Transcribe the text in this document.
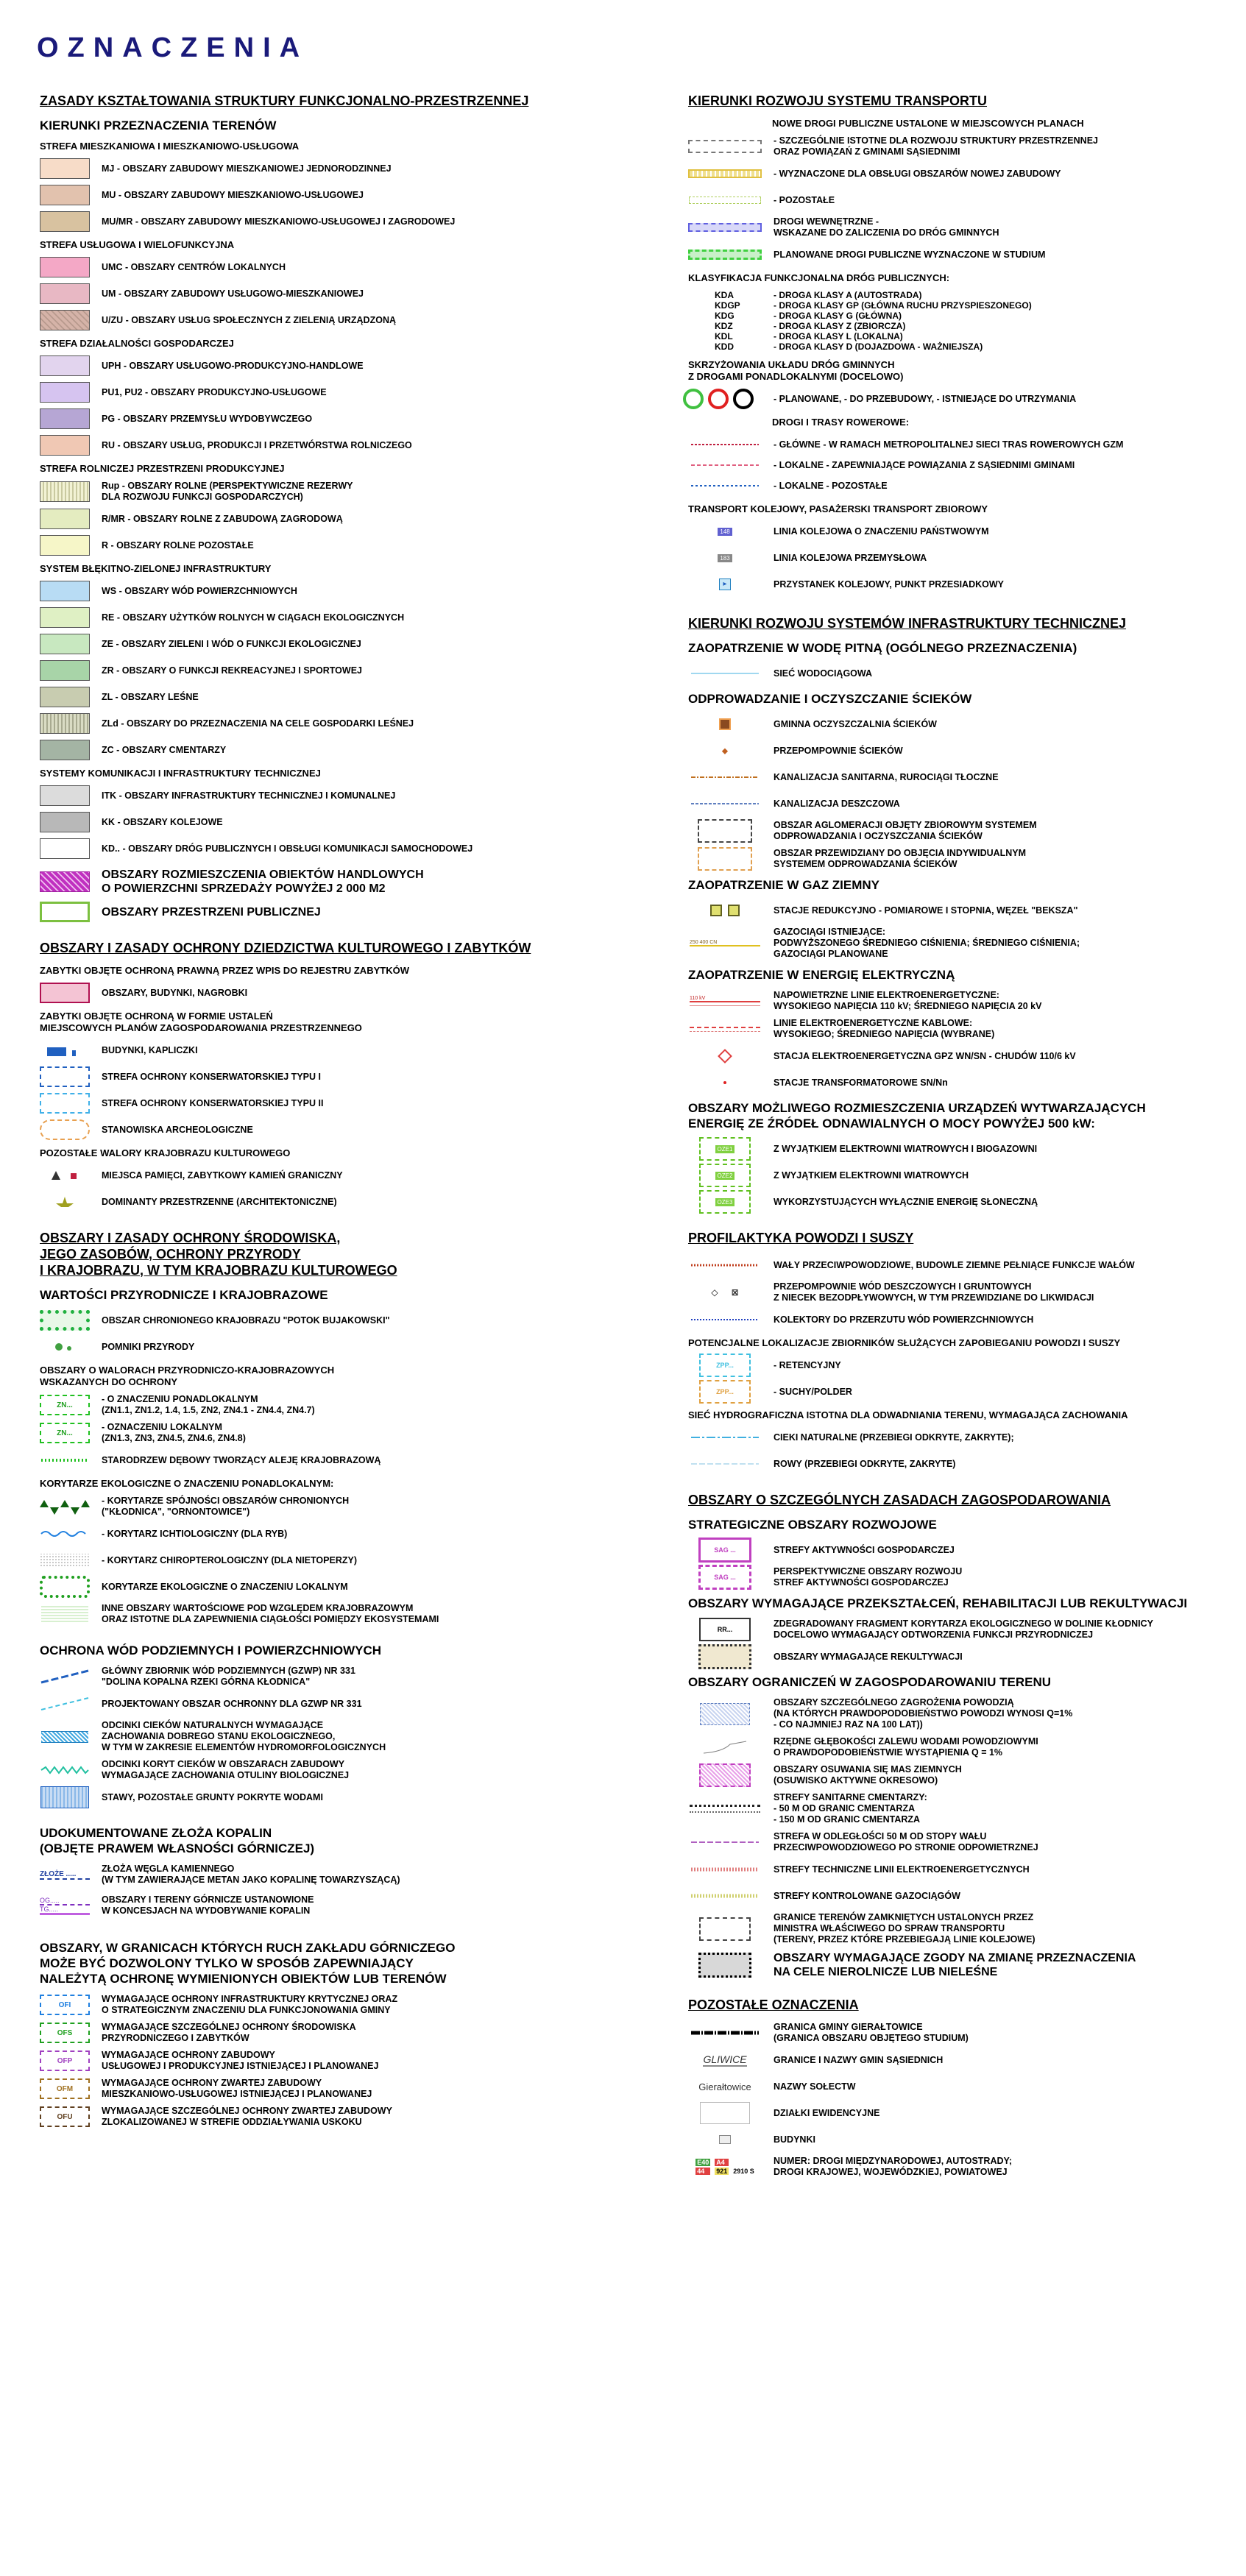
OZNACZENIA
ZASADY KSZTAŁTOWANIA STRUKTURY FUNKCJONALNO-PRZESTRZENNEJ
KIERUNKI PRZEZNACZENIA TERENÓW
STREFA MIESZKANIOWA I MIESZKANIOWO-USŁUGOWA
MJ - OBSZARY ZABUDOWY MIESZKANIOWEJ JEDNORODZINNEJ
MU - OBSZARY ZABUDOWY MIESZKANIOWO-USŁUGOWEJ
MU/MR - OBSZARY ZABUDOWY MIESZKANIOWO-USŁUGOWEJ I ZAGRODOWEJ
STREFA USŁUGOWA I WIELOFUNKCYJNA
UMC - OBSZARY CENTRÓW LOKALNYCH
UM - OBSZARY ZABUDOWY USŁUGOWO-MIESZKANIOWEJ
U/ZU - OBSZARY USŁUG SPOŁECZNYCH Z ZIELENIĄ URZĄDZONĄ
STREFA DZIAŁALNOŚCI GOSPODARCZEJ
UPH - OBSZARY USŁUGOWO-PRODUKCYJNO-HANDLOWE
PU1, PU2 - OBSZARY PRODUKCYJNO-USŁUGOWE
PG - OBSZARY PRZEMYSŁU WYDOBYWCZEGO
RU - OBSZARY USŁUG, PRODUKCJI I PRZETWÓRSTWA ROLNICZEGO
STREFA ROLNICZEJ PRZESTRZENI PRODUKCYJNEJ
Rup - OBSZARY ROLNE (PERSPEKTYWICZNE REZERWY
DLA ROZWOJU FUNKCJI GOSPODARCZYCH)
R/MR - OBSZARY ROLNE Z ZABUDOWĄ ZAGRODOWĄ
R - OBSZARY ROLNE POZOSTAŁE
SYSTEM BŁĘKITNO-ZIELONEJ INFRASTRUKTURY
WS - OBSZARY WÓD POWIERZCHNIOWYCH
RE - OBSZARY UŻYTKÓW ROLNYCH W CIĄGACH EKOLOGICZNYCH
ZE - OBSZARY ZIELENI I WÓD O FUNKCJI EKOLOGICZNEJ
ZR - OBSZARY O FUNKCJI REKREACYJNEJ I SPORTOWEJ
ZL - OBSZARY LEŚNE
ZLd - OBSZARY DO PRZEZNACZENIA NA CELE GOSPODARKI LEŚNEJ
ZC - OBSZARY CMENTARZY
SYSTEMY KOMUNIKACJI I INFRASTRUKTURY TECHNICZNEJ
ITK - OBSZARY INFRASTRUKTURY TECHNICZNEJ I KOMUNALNEJ
KK - OBSZARY KOLEJOWE
KD.. - OBSZARY DRÓG PUBLICZNYCH I OBSŁUGI KOMUNIKACJI SAMOCHODOWEJ
OBSZARY ROZMIESZCZENIA OBIEKTÓW HANDLOWYCH
O POWIERZCHNI SPRZEDAŻY POWYŻEJ 2 000 M2
OBSZARY PRZESTRZENI PUBLICZNEJ
OBSZARY I ZASADY OCHRONY DZIEDZICTWA KULTUROWEGO I ZABYTKÓW
ZABYTKI OBJĘTE OCHRONĄ PRAWNĄ PRZEZ WPIS DO REJESTRU ZABYTKÓW
OBSZARY, BUDYNKI, NAGROBKI
ZABYTKI OBJĘTE OCHRONĄ W FORMIE USTALEŃ
MIEJSCOWYCH PLANÓW ZAGOSPODAROWANIA PRZESTRZENNEGO
BUDYNKI, KAPLICZKI
STREFA OCHRONY KONSERWATORSKIEJ TYPU I
STREFA OCHRONY KONSERWATORSKIEJ TYPU II
STANOWISKA ARCHEOLOGICZNE
POZOSTAŁE WALORY KRAJOBRAZU KULTUROWEGO
MIEJSCA PAMIĘCI, ZABYTKOWY KAMIEŃ GRANICZNY
DOMINANTY PRZESTRZENNE (ARCHITEKTONICZNE)
OBSZARY I ZASADY OCHRONY ŚRODOWISKA,
JEGO ZASOBÓW, OCHRONY PRZYRODY
I KRAJOBRAZU, W TYM KRAJOBRAZU KULTUROWEGO
WARTOŚCI PRZYRODNICZE I KRAJOBRAZOWE
OBSZAR CHRONIONEGO KRAJOBRAZU "POTOK BUJAKOWSKI"
POMNIKI PRZYRODY
OBSZARY O WALORACH PRZYRODNICZO-KRAJOBRAZOWYCH
WSKAZANYCH DO OCHRONY
ZN...
- O ZNACZENIU PONADLOKALNYM
(ZN1.1, ZN1.2, 1.4, 1.5, ZN2, ZN4.1 - ZN4.4, ZN4.7)
ZN...
- OZNACZENIU LOKALNYM
(ZN1.3, ZN3, ZN4.5, ZN4.6, ZN4.8)
STARODRZEW DĘBOWY TWORZĄCY ALEJĘ KRAJOBRAZOWĄ
KORYTARZE EKOLOGICZNE O ZNACZENIU PONADLOKALNYM:
- KORYTARZE SPÓJNOŚCI OBSZARÓW CHRONIONYCH
("KŁODNICA", "ORNONTOWICE")
- KORYTARZ ICHTIOLOGICZNY (DLA RYB)
- KORYTARZ CHIROPTEROLOGICZNY (DLA NIETOPERZY)
KORYTARZE EKOLOGICZNE O ZNACZENIU LOKALNYM
INNE OBSZARY WARTOŚCIOWE POD WZGLĘDEM KRAJOBRAZOWYM
ORAZ ISTOTNE DLA ZAPEWNIENIA CIĄGŁOŚCI POMIĘDZY EKOSYSTEMAMI
OCHRONA WÓD PODZIEMNYCH I POWIERZCHNIOWYCH
GŁÓWNY ZBIORNIK WÓD PODZIEMNYCH (GZWP) NR 331
"DOLINA KOPALNA RZEKI GÓRNA KŁODNICA"
PROJEKTOWANY OBSZAR OCHRONNY DLA GZWP NR 331
ODCINKI CIEKÓW NATURALNYCH WYMAGAJĄCE
ZACHOWANIA DOBREGO STANU EKOLOGICZNEGO,
W TYM W ZAKRESIE ELEMENTÓW HYDROMORFOLOGICZNYCH
ODCINKI KORYT CIEKÓW W OBSZARACH ZABUDOWY
WYMAGAJĄCE ZACHOWANIA OTULINY BIOLOGICZNEJ
STAWY, POZOSTAŁE GRUNTY POKRYTE WODAMI
UDOKUMENTOWANE ZŁOŻA KOPALIN
(OBJĘTE PRAWEM WŁASNOŚCI GÓRNICZEJ)
ZŁOŻE .....	ZŁOŻA WĘGLA KAMIENNEGO
(W TYM ZAWIERAJĄCE METAN JAKO KOPALINĘ TOWARZYSZĄCĄ)
OG.....
TG.....
OBSZARY I TERENY GÓRNICZE USTANOWIONE
W KONCESJACH NA WYDOBYWANIE KOPALIN
OBSZARY, W GRANICACH KTÓRYCH RUCH ZAKŁADU GÓRNICZEGO
MOŻE BYĆ DOZWOLONY TYLKO W SPOSÓB ZAPEWNIAJĄCY
NALEŻYTĄ OCHRONĘ WYMIENIONYCH OBIEKTÓW LUB TERENÓW
OFI
WYMAGAJĄCE OCHRONY INFRASTRUKTURY KRYTYCZNEJ ORAZ
O STRATEGICZNYM ZNACZENIU DLA FUNKCJONOWANIA GMINY
OFS
WYMAGAJĄCE SZCZEGÓLNEJ OCHRONY ŚRODOWISKA
PRZYRODNICZEGO I ZABYTKÓW
OFP
WYMAGAJĄCE OCHRONY ZABUDOWY
USŁUGOWEJ I PRODUKCYJNEJ ISTNIEJĄCEJ I PLANOWANEJ
OFM
WYMAGAJĄCE OCHRONY ZWARTEJ ZABUDOWY
MIESZKANIOWO-USŁUGOWEJ ISTNIEJĄCEJ I PLANOWANEJ
OFU
WYMAGAJĄCE SZCZEGÓLNEJ OCHRONY ZWARTEJ ZABUDOWY
ZLOKALIZOWANEJ W STREFIE ODDZIAŁYWANIA USKOKU
KIERUNKI ROZWOJU SYSTEMU TRANSPORTU
NOWE DROGI PUBLICZNE USTALONE W MIEJSCOWYCH PLANACH
- SZCZEGÓLNIE ISTOTNE DLA ROZWOJU STRUKTURY PRZESTRZENNEJ
ORAZ POWIĄZAŃ Z GMINAMI SĄSIEDNIMI
- WYZNACZONE DLA OBSŁUGI OBSZARÓW NOWEJ ZABUDOWY
- POZOSTAŁE
DROGI WEWNĘTRZNE -
WSKAZANE DO ZALICZENIA DO DRÓG GMINNYCH
PLANOWANE DROGI PUBLICZNE WYZNACZONE W STUDIUM
KLASYFIKACJA FUNKCJONALNA DRÓG PUBLICZNYCH:
KDA	- DROGA KLASY A (AUTOSTRADA)
KDGP	- DROGA KLASY GP (GŁÓWNA RUCHU PRZYSPIESZONEGO)
KDG	- DROGA KLASY G (GŁÓWNA)
KDZ	- DROGA KLASY Z (ZBIORCZA)
KDL	- DROGA KLASY L (LOKALNA)
KDD	- DROGA KLASY D (DOJAZDOWA - WAŻNIEJSZA)
SKRZYŻOWANIA UKŁADU DRÓG GMINNYCH
Z DROGAMI PONADLOKALNYMI (DOCELOWO)
- PLANOWANE, - DO PRZEBUDOWY, - ISTNIEJĄCE DO UTRZYMANIA
DROGI I TRASY ROWEROWE:
- GŁÓWNE - W RAMACH METROPOLITALNEJ SIECI TRAS ROWEROWYCH GZM
- LOKALNE - ZAPEWNIAJĄCE POWIĄZANIA Z SĄSIEDNIMI GMINAMI
- LOKALNE - POZOSTAŁE
TRANSPORT KOLEJOWY, PASAŻERSKI TRANSPORT ZBIOROWY
148	LINIA KOLEJOWA O ZNACZENIU PAŃSTWOWYM
183	LINIA KOLEJOWA PRZEMYSŁOWA
▸	PRZYSTANEK KOLEJOWY, PUNKT PRZESIADKOWY
KIERUNKI ROZWOJU SYSTEMÓW INFRASTRUKTURY TECHNICZNEJ
ZAOPATRZENIE W WODĘ PITNĄ (OGÓLNEGO PRZEZNACZENIA)
SIEĆ WODOCIĄGOWA
ODPROWADZANIE I OCZYSZCZANIE ŚCIEKÓW
GMINNA OCZYSZCZALNIA ŚCIEKÓW
⬥	PRZEPOMPOWNIE ŚCIEKÓW
KANALIZACJA SANITARNA, RUROCIĄGI TŁOCZNE
KANALIZACJA DESZCZOWA
OBSZAR AGLOMERACJI OBJĘTY ZBIOROWYM SYSTEMEM
ODPROWADZANIA I OCZYSZCZANIA ŚCIEKÓW
OBSZAR PRZEWIDZIANY DO OBJĘCIA INDYWIDUALNYM
SYSTEMEM ODPROWADZANIA ŚCIEKÓW
ZAOPATRZENIE W GAZ ZIEMNY
STACJE REDUKCYJNO - POMIAROWE I STOPNIA, WĘZEŁ "BEKSZA"
250 400 CN
GAZOCIĄGI ISTNIEJĄCE:
PODWYŻSZONEGO ŚREDNIEGO CIŚNIENIA; ŚREDNIEGO CIŚNIENIA;
GAZOCIĄGI PLANOWANE
ZAOPATRZENIE W ENERGIĘ ELEKTRYCZNĄ
110 kV	NAPOWIETRZNE LINIE ELEKTROENERGETYCZNE:
WYSOKIEGO NAPIĘCIA 110 kV; ŚREDNIEGO NAPIĘCIA 20 kV
LINIE ELEKTROENERGETYCZNE KABLOWE:
WYSOKIEGO; ŚREDNIEGO NAPIĘCIA (WYBRANE)
STACJA ELEKTROENERGETYCZNA GPZ WN/SN - CHUDÓW 110/6 kV
STACJE TRANSFORMATOROWE SN/Nn
OBSZARY MOŻLIWEGO ROZMIESZCZENIA URZĄDZEŃ WYTWARZAJĄCYCH
ENERGIĘ ZE ŹRÓDEŁ ODNAWIALNYCH O MOCY POWYŻEJ 500 kW:
OZE1	Z WYJĄTKIEM ELEKTROWNI WIATROWYCH I BIOGAZOWNI
OZE2	Z WYJĄTKIEM ELEKTROWNI WIATROWYCH
OZE3	WYKORZYSTUJĄCYCH WYŁĄCZNIE ENERGIĘ SŁONECZNĄ
PROFILAKTYKA POWODZI I SUSZY
WAŁY PRZECIWPOWODZIOWE, BUDOWLE ZIEMNE PEŁNIĄCE FUNKCJE WAŁÓW
◇ ⊠
PRZEPOMPOWNIE WÓD DESZCZOWYCH I GRUNTOWYCH
Z NIECEK BEZODPŁYWOWYCH, W TYM PRZEWIDZIANE DO LIKWIDACJI
KOLEKTORY DO PRZERZUTU WÓD POWIERZCHNIOWYCH
POTENCJALNE LOKALIZACJE ZBIORNIKÓW SŁUŻĄCYCH ZAPOBIEGANIU POWODZI I SUSZY
ZPP...	- RETENCYJNY
ZPP...	- SUCHY/POLDER
SIEĆ HYDROGRAFICZNA ISTOTNA DLA ODWADNIANIA TERENU, WYMAGAJĄCA ZACHOWANIA
CIEKI NATURALNE (PRZEBIEGI ODKRYTE, ZAKRYTE);
ROWY (PRZEBIEGI ODKRYTE, ZAKRYTE)
OBSZARY O SZCZEGÓLNYCH ZASADACH ZAGOSPODAROWANIA
STRATEGICZNE OBSZARY ROZWOJOWE
SAG ...	STREFY AKTYWNOŚCI GOSPODARCZEJ
SAG ...
PERSPEKTYWICZNE OBSZARY ROZWOJU
STREF AKTYWNOŚCI GOSPODARCZEJ
OBSZARY WYMAGAJĄCE PRZEKSZTAŁCEŃ, REHABILITACJI LUB REKULTYWACJI
RR...
ZDEGRADOWANY FRAGMENT KORYTARZA EKOLOGICZNEGO W DOLINIE KŁODNICY
DOCELOWO WYMAGAJĄCY ODTWORZENIA FUNKCJI PRZYRODNICZEJ
OBSZARY WYMAGAJĄCE REKULTYWACJI
OBSZARY OGRANICZEŃ W ZAGOSPODAROWANIU TERENU
OBSZARY SZCZEGÓLNEGO ZAGROŻENIA POWODZIĄ
(NA KTÓRYCH PRAWDOPODOBIEŃSTWO POWODZI WYNOSI Q=1%
- CO NAJMNIEJ RAZ NA 100 LAT))
RZĘDNE GŁĘBOKOŚCI ZALEWU WODAMI POWODZIOWYMI
O PRAWDOPODOBIEŃSTWIE WYSTĄPIENIA Q = 1%
OBSZARY OSUWANIA SIĘ MAS ZIEMNYCH
(OSUWISKO AKTYWNE OKRESOWO)
STREFY SANITARNE CMENTARZY:
- 50 M OD GRANIC CMENTARZA
- 150 M OD GRANIC CMENTARZA
STREFA W ODLEGŁOŚCI 50 M OD STOPY WAŁU
PRZECIWPOWODZIOWEGO PO STRONIE ODPOWIETRZNEJ
STREFY TECHNICZNE LINII ELEKTROENERGETYCZNYCH
STREFY KONTROLOWANE GAZOCIĄGÓW
GRANICE TERENÓW ZAMKNIĘTYCH USTALONYCH PRZEZ
MINISTRA WŁAŚCIWEGO DO SPRAW TRANSPORTU
(TERENY, PRZEZ KTÓRE PRZEBIEGAJĄ LINIE KOLEJOWE)
OBSZARY WYMAGAJĄCE ZGODY NA ZMIANĘ PRZEZNACZENIA
NA CELE NIEROLNICZE LUB NIELEŚNE
POZOSTAŁE OZNACZENIA
GRANICA GMINY GIERAŁTOWICE
(GRANICA OBSZARU OBJĘTEGO STUDIUM)
GLIWICE	GRANICE I NAZWY GMIN SĄSIEDNICH
Gierałtowice NAZWY SOŁECTW
DZIAŁKI EWIDENCYJNE
BUDYNKI
E40 A4
44	921 2910 S
NUMER: DROGI MIĘDZYNARODOWEJ, AUTOSTRADY;
DROGI KRAJOWEJ, WOJEWÓDZKIEJ, POWIATOWEJ
